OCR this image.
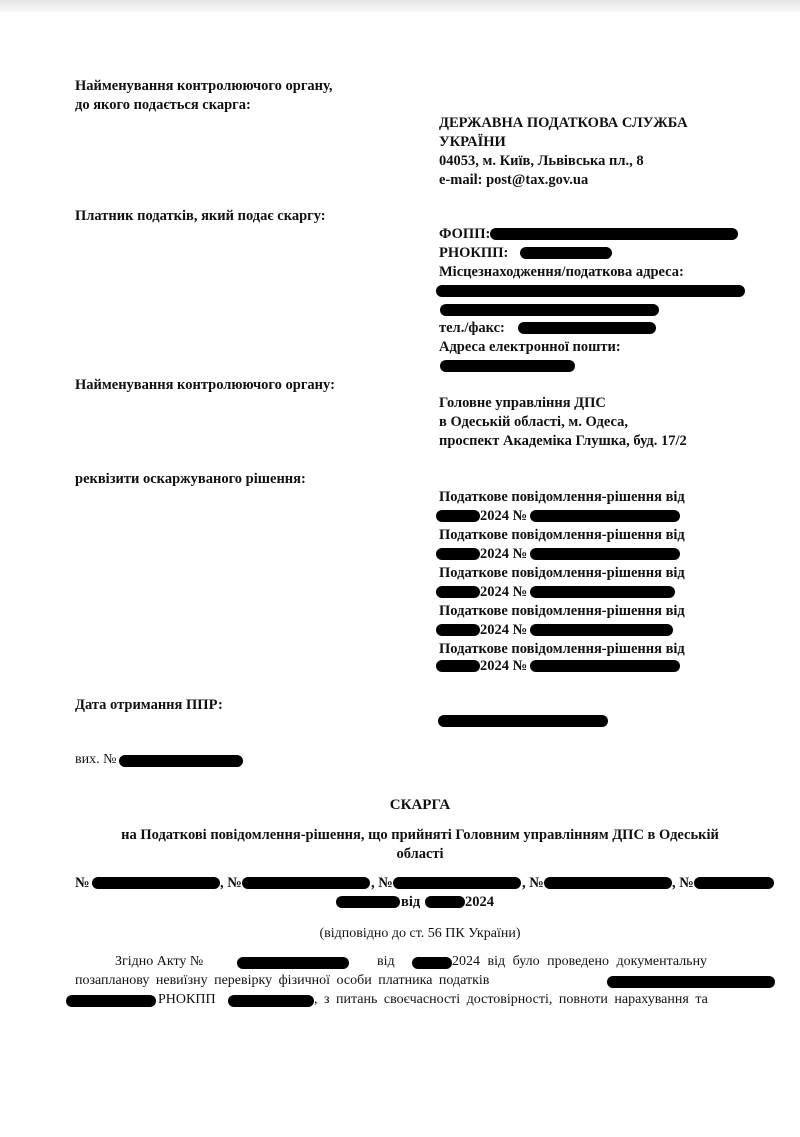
Найменування контролюючого органу,
до якого подається скарга:
ДЕРЖАВНА ПОДАТКОВА СЛУЖБА
УКРАЇНИ
04053, м. Київ, Львівська пл., 8
e-mail: post@tax.gov.ua
Платник податків, який подає скаргу:
ФОПП:
РНОКПП:
Місцезнаходження/податкова адреса:
тел./факс:
Адреса електронної пошти:
Найменування контролюючого органу:
Головне управління ДПС
в Одеській області, м. Одеса,
проспект Академіка Глушка, буд. 17/2
реквізити оскаржуваного рішення:
Податкове повідомлення-рішення від
2024 №
Податкове повідомлення-рішення від
2024 №
Податкове повідомлення-рішення від
2024 №
Податкове повідомлення-рішення від
2024 №
Податкове повідомлення-рішення від
2024 №
Дата отримання ППР:
вих. №
СКАРГА
на Податкові повідомлення-рішення, що прийняті Головним управлінням ДПС в Одеській
області
№	, №	, №	, №	, №
від	2024
(відповідно до ст. 56 ПК України)
Згідно Акту №	від	2024 від було проведено документальну
позапланову невиїзну перевірку фізичної особи платника податків
, РНОКПП	, з питань своєчасності достовірності, повноти нарахування та
